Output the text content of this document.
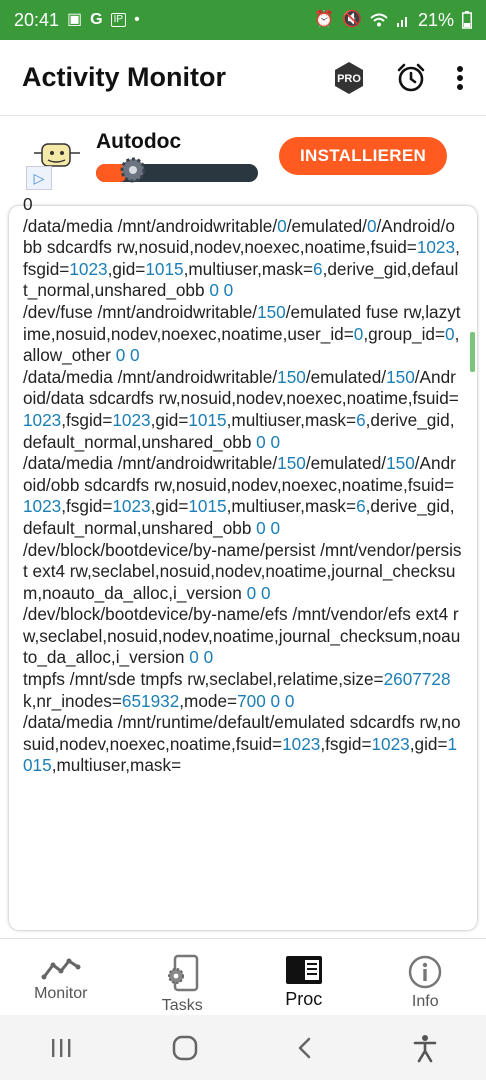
20:41 ▣ G	IP •	⏰ 🔇	21%
Activity Monitor	PRO
▷
Autodoc
INSTALLIEREN
0
/data/media /mnt/androidwritable/0/emulated/0/Android/obb sdcardfs rw,nosuid,nodev,noexec,noatime,fsuid=1023,fsgid=1023,gid=1015,multiuser,mask=6,derive_gid,default_normal,unshared_obb 0 0
/dev/fuse /mnt/androidwritable/150/emulated fuse rw,lazytime,nosuid,nodev,noexec,noatime,user_id=0,group_id=0,allow_other 0 0
/data/media /mnt/androidwritable/150/emulated/150/Android/data sdcardfs rw,nosuid,nodev,noexec,noatime,fsuid=1023,fsgid=1023,gid=1015,multiuser,mask=6,derive_gid,default_normal,unshared_obb 0 0
/data/media /mnt/androidwritable/150/emulated/150/Android/obb sdcardfs rw,nosuid,nodev,noexec,noatime,fsuid=1023,fsgid=1023,gid=1015,multiuser,mask=6,derive_gid,default_normal,unshared_obb 0 0
/dev/block/bootdevice/by-name/persist /mnt/vendor/persist ext4 rw,seclabel,nosuid,nodev,noatime,journal_checksum,noauto_da_alloc,i_version 0 0
/dev/block/bootdevice/by-name/efs /mnt/vendor/efs ext4 rw,seclabel,nosuid,nodev,noatime,journal_checksum,noauto_da_alloc,i_version 0 0
tmpfs /mnt/sde tmpfs rw,seclabel,relatime,size=2607728k,nr_inodes=651932,mode=700 0 0
/data/media /mnt/runtime/default/emulated sdcardfs rw,nosuid,nodev,noexec,noatime,fsuid=1023,fsgid=1023,gid=1015,multiuser,mask=
Monitor
Tasks	Proc	Info
